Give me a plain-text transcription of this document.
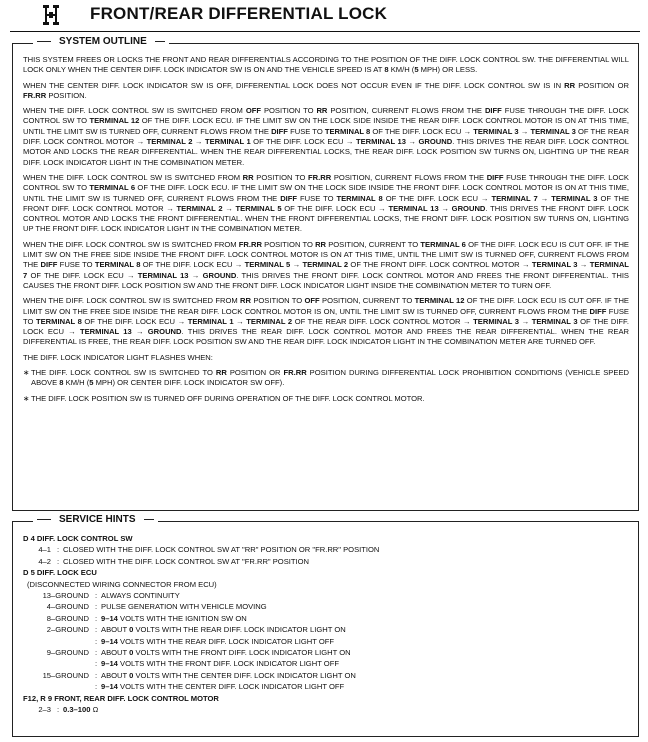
FRONT/REAR DIFFERENTIAL LOCK
SYSTEM OUTLINE

THIS SYSTEM FREES OR LOCKS THE FRONT AND REAR DIFFERENTIALS ACCORDING TO THE POSITION OF THE DIFF. LOCK CONTROL SW. THE DIFFERENTIAL WILL LOCK ONLY WHEN THE CENTER DIFF. LOCK INDICATOR SW IS ON AND THE VEHICLE SPEED IS AT 8 KM/H (5 MPH) OR LESS.

WHEN THE CENTER DIFF. LOCK INDICATOR SW IS OFF, DIFFERENTIAL LOCK DOES NOT OCCUR EVEN IF THE DIFF. LOCK CONTROL SW IS IN RR POSITION OR FR.RR POSITION.

WHEN THE DIFF. LOCK CONTROL SW IS SWITCHED FROM OFF POSITION TO RR POSITION, CURRENT FLOWS FROM THE DIFF FUSE THROUGH THE DIFF. LOCK CONTROL SW TO TERMINAL 12 OF THE DIFF. LOCK ECU. IF THE LIMIT SW ON THE LOCK SIDE INSIDE THE REAR DIFF. LOCK CONTROL MOTOR IS ON AT THIS TIME, UNTIL THE LIMIT SW IS TURNED OFF, CURRENT FLOWS FROM THE DIFF FUSE TO TERMINAL 8 OF THE DIFF. LOCK ECU → TERMINAL 3 → TERMINAL 3 OF THE REAR DIFF. LOCK CONTROL MOTOR → TERMINAL 2 → TERMINAL 1 OF THE DIFF. LOCK ECU → TERMINAL 13 → GROUND. THIS DRIVES THE REAR DIFF. LOCK CONTROL MOTOR AND LOCKS THE REAR DIFFERENTIAL. WHEN THE REAR DIFFERENTIAL LOCKS, THE REAR DIFF. LOCK POSITION SW TURNS ON, LIGHTING UP THE REAR DIFF. LOCK INDICATOR LIGHT IN THE COMBINATION METER.

WHEN THE DIFF. LOCK CONTROL SW IS SWITCHED FROM RR POSITION TO FR.RR POSITION, CURRENT FLOWS FROM THE DIFF FUSE THROUGH THE DIFF. LOCK CONTROL SW TO TERMINAL 6 OF THE DIFF. LOCK ECU. IF THE LIMIT SW ON THE LOCK SIDE INSIDE THE FRONT DIFF. LOCK CONTROL MOTOR IS ON AT THIS TIME, UNTIL THE LIMIT SW IS TURNED OFF, CURRENT FLOWS FROM THE DIFF FUSE TO TERMINAL 8 OF THE DIFF. LOCK ECU → TERMINAL 7 → TERMINAL 3 OF THE FRONT DIFF. LOCK CONTROL MOTOR → TERMINAL 2 → TERMINAL 5 OF THE DIFF. LOCK ECU → TERMINAL 13 → GROUND. THIS DRIVES THE FRONT DIFF. LOCK CONTROL MOTOR AND LOCKS THE FRONT DIFFERENTIAL. WHEN THE FRONT DIFFERENTIAL LOCKS, THE FRONT DIFF. LOCK POSITION SW TURNS ON, LIGHTING UP THE FRONT DIFF. LOCK INDICATOR LIGHT IN THE COMBINATION METER.

WHEN THE DIFF. LOCK CONTROL SW IS SWITCHED FROM FR.RR POSITION TO RR POSITION, CURRENT TO TERMINAL 6 OF THE DIFF. LOCK ECU IS CUT OFF. IF THE LIMIT SW ON THE FREE SIDE INSIDE THE FRONT DIFF. LOCK CONTROL MOTOR IS ON AT THIS TIME, UNTIL THE LIMIT SW IS TURNED OFF, CURRENT FLOWS FROM THE DIFF FUSE TO TERMINAL 8 OF THE DIFF. LOCK ECU → TERMINAL 5 → TERMINAL 2 OF THE FRONT DIFF. LOCK CONTROL MOTOR → TERMINAL 3 → TERMINAL 7 OF THE DIFF. LOCK ECU → TERMINAL 13 → GROUND. THIS DRIVES THE FRONT DIFF. LOCK CONTROL MOTOR AND FREES THE FRONT DIFFERENTIAL. THIS CAUSES THE FRONT DIFF. LOCK POSITION SW AND THE FRONT DIFF. LOCK INDICATOR LIGHT INSIDE THE COMBINATION METER TO TURN OFF.

WHEN THE DIFF. LOCK CONTROL SW IS SWITCHED FROM RR POSITION TO OFF POSITION, CURRENT TO TERMINAL 12 OF THE DIFF. LOCK ECU IS CUT OFF. IF THE LIMIT SW ON THE FREE SIDE INSIDE THE REAR DIFF. LOCK CONTROL MOTOR IS ON, UNTIL THE LIMIT SW IS TURNED OFF, CURRENT FLOWS FROM THE DIFF FUSE TO TERMINAL 8 OF THE DIFF. LOCK ECU → TERMINAL 1 → TERMINAL 2 OF THE REAR DIFF. LOCK CONTROL MOTOR → TERMINAL 3 → TERMINAL 3 OF THE DIFF. LOCK ECU → TERMINAL 13 → GROUND. THIS DRIVES THE REAR DIFF. LOCK CONTROL MOTOR AND FREES THE REAR DIFFERENTIAL. WHEN THE REAR DIFFERENTIAL IS FREE, THE REAR DIFF. LOCK POSITION SW AND THE REAR DIFF. LOCK INDICATOR LIGHT IN THE COMBINATION METER ARE TURNED OFF.

THE DIFF. LOCK INDICATOR LIGHT FLASHES WHEN:

∗ THE DIFF. LOCK CONTROL SW IS SWITCHED TO RR POSITION OR FR.RR POSITION DURING DIFFERENTIAL LOCK PROHIBITION CONDITIONS (VEHICLE SPEED ABOVE 8 KM/H (5 MPH) OR CENTER DIFF. LOCK INDICATOR SW OFF).
∗ THE DIFF. LOCK POSITION SW IS TURNED OFF DURING OPERATION OF THE DIFF. LOCK CONTROL MOTOR.
SERVICE HINTS
D 4 DIFF. LOCK CONTROL SW
4–1 : CLOSED WITH THE DIFF. LOCK CONTROL SW AT "RR" POSITION OR "FR.RR" POSITION
4–2 : CLOSED WITH THE DIFF. LOCK CONTROL SW AT "FR.RR" POSITION
D 5 DIFF. LOCK ECU
(DISCONNECTED WIRING CONNECTOR FROM ECU)
13–GROUND : ALWAYS CONTINUITY
4–GROUND : PULSE GENERATION WITH VEHICLE MOVING
8–GROUND : 9–14 VOLTS WITH THE IGNITION SW ON
2–GROUND : ABOUT 0 VOLTS WITH THE REAR DIFF. LOCK INDICATOR LIGHT ON
: 9–14 VOLTS WITH THE REAR DIFF. LOCK INDICATOR LIGHT OFF
9–GROUND : ABOUT 0 VOLTS WITH THE FRONT DIFF. LOCK INDICATOR LIGHT ON
: 9–14 VOLTS WITH THE FRONT DIFF. LOCK INDICATOR LIGHT OFF
15–GROUND : ABOUT 0 VOLTS WITH THE CENTER DIFF. LOCK INDICATOR LIGHT ON
: 9–14 VOLTS WITH THE CENTER DIFF. LOCK INDICATOR LIGHT OFF
F12, R 9 FRONT, REAR DIFF. LOCK CONTROL MOTOR
2–3 : 0.3–100 Ω
